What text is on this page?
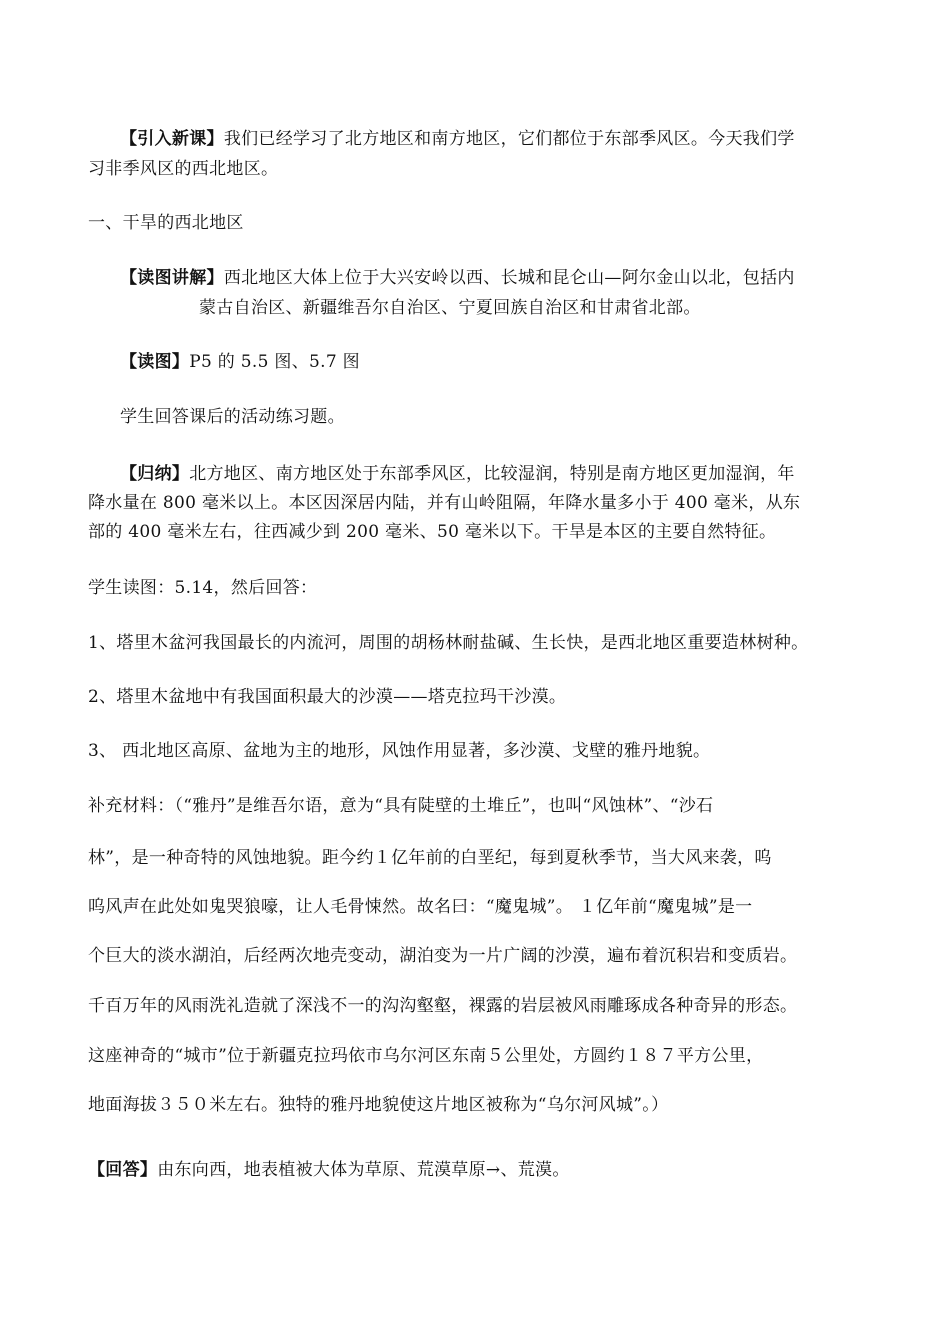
【引入新课】我们已经学习了北方地区和南方地区，它们都位于东部季风区。今天我们学
习非季风区的西北地区。
一、干旱的西北地区
【读图讲解】西北地区大体上位于大兴安岭以西、长城和昆仑山—阿尔金山以北，包括内
蒙古自治区、新疆维吾尔自治区、宁夏回族自治区和甘肃省北部。
【读图】P5 的 5.5 图、5.7 图
学生回答课后的活动练习题。
【归纳】北方地区、南方地区处于东部季风区，比较湿润，特别是南方地区更加湿润，年
降水量在 800 毫米以上。本区因深居内陆，并有山岭阻隔，年降水量多小于 400 毫米，从东
部的 400 毫米左右，往西减少到 200 毫米、50 毫米以下。干旱是本区的主要自然特征。
学生读图：5.14，然后回答：
1、塔里木盆河我国最长的内流河，周围的胡杨林耐盐碱、生长快，是西北地区重要造林树种。
2、塔里木盆地中有我国面积最大的沙漠——塔克拉玛干沙漠。
3、 西北地区高原、盆地为主的地形，风蚀作用显著，多沙漠、戈壁的雅丹地貌。
补充材料：（“雅丹”是维吾尔语，意为“具有陡壁的土堆丘”，也叫“风蚀林”、“沙石
林”，是一种奇特的风蚀地貌。距今约１亿年前的白垩纪，每到夏秋季节，当大风来袭，呜
呜风声在此处如鬼哭狼嚎，让人毛骨悚然。故名曰：“魔鬼城”。 １亿年前“魔鬼城”是一
个巨大的淡水湖泊，后经两次地壳变动，湖泊变为一片广阔的沙漠，遍布着沉积岩和变质岩。
千百万年的风雨洗礼造就了深浅不一的沟沟壑壑，裸露的岩层被风雨雕琢成各种奇异的形态。
这座神奇的“城市”位于新疆克拉玛依市乌尔河区东南５公里处，方圆约１８７平方公里，
地面海拔３５０米左右。独特的雅丹地貌使这片地区被称为“乌尔河风城”。）
【回答】由东向西，地表植被大体为草原、荒漠草原→、荒漠。
